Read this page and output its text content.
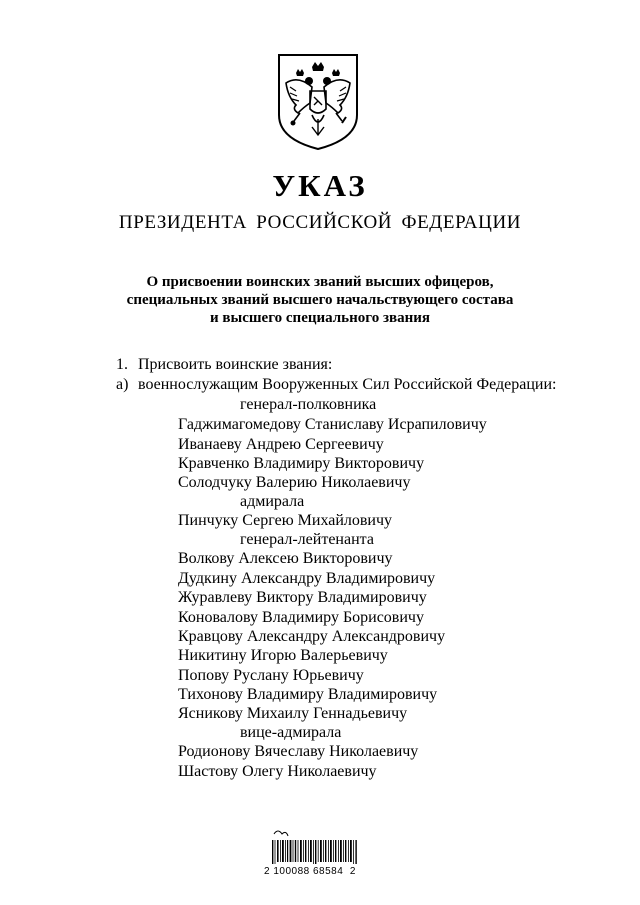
УКАЗ
ПРЕЗИДЕНТА РОССИЙСКОЙ ФЕДЕРАЦИИ
О присвоении воинских званий высших офицеров,
специальных званий высшего начальствующего состава
и высшего специального звания
1. Присвоить воинские звания:
а) военнослужащим Вооруженных Сил Российской Федерации:
генерал-полковника
Гаджимагомедову Станиславу Исрапиловичу
Иванаеву Андрею Сергеевичу
Кравченко Владимиру Викторовичу
Солодчуку Валерию Николаевичу
адмирала
Пинчуку Сергею Михайловичу
генерал-лейтенанта
Волкову Алексею Викторовичу
Дудкину Александру Владимировичу
Журавлеву Виктору Владимировичу
Коновалову Владимиру Борисовичу
Кравцову Александру Александровичу
Никитину Игорю Валерьевичу
Попову Руслану Юрьевичу
Тихонову Владимиру Владимировичу
Ясникову Михаилу Геннадьевичу
вице-адмирала
Родионову Вячеславу Николаевичу
Шастову Олегу Николаевичу
2 100088 68584  2
